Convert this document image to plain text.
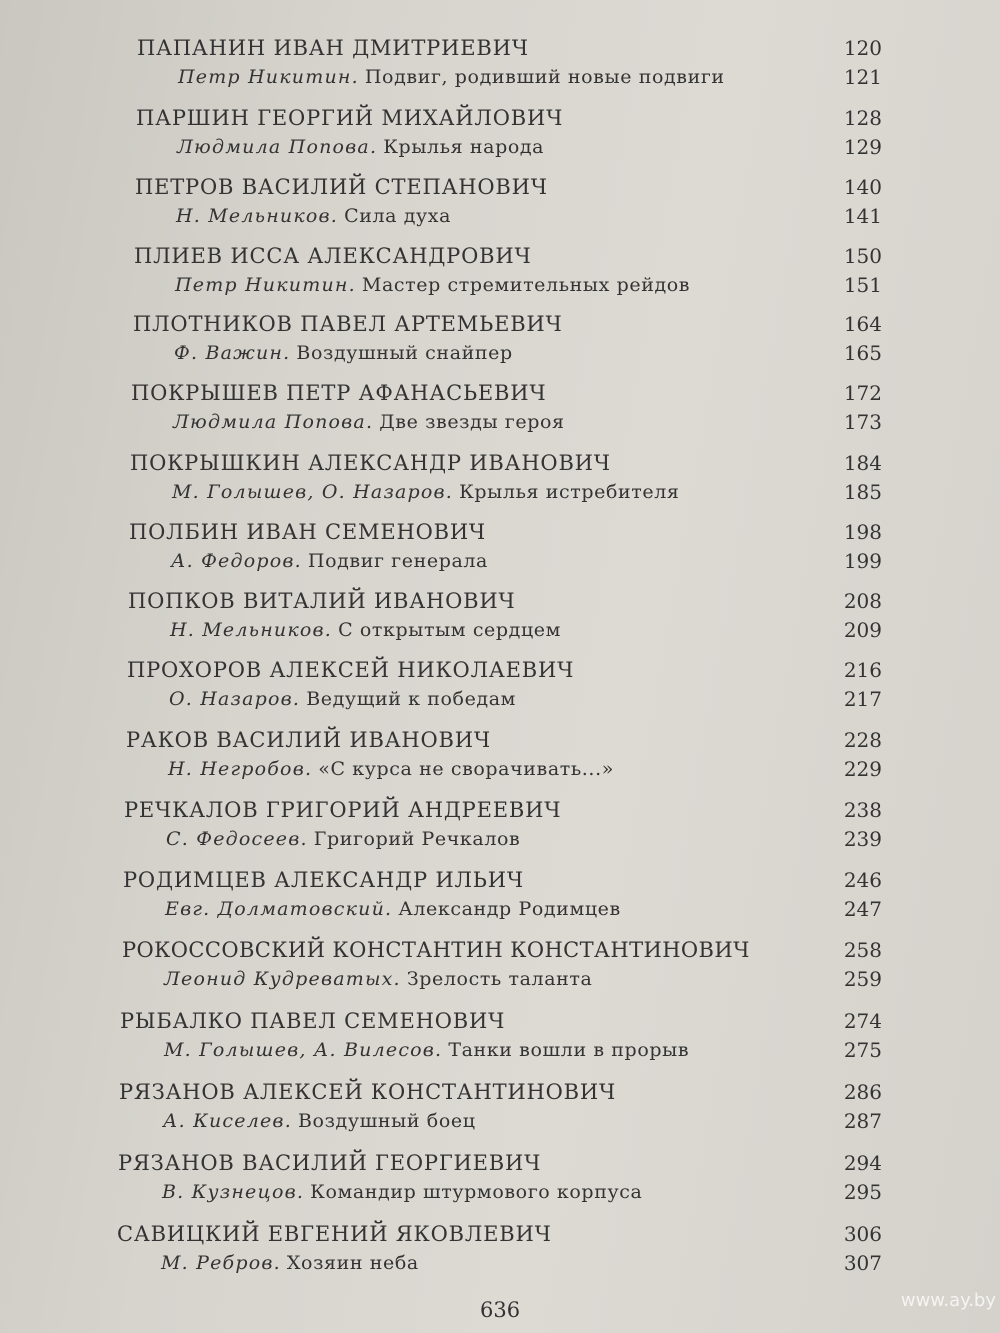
ПАПАНИН ИВАН ДМИТРИЕВИЧ	120
Петр Никитин. Подвиг, родивший новые подвиги	121
ПАРШИН ГЕОРГИЙ МИХАЙЛОВИЧ	128
Людмила Попова. Крылья народа	129
ПЕТРОВ ВАСИЛИЙ СТЕПАНОВИЧ	140
Н. Мельников. Сила духа	141
ПЛИЕВ ИССА АЛЕКСАНДРОВИЧ	150
Петр Никитин. Мастер стремительных рейдов	151
ПЛОТНИКОВ ПАВЕЛ АРТЕМЬЕВИЧ	164
Ф. Важин. Воздушный снайпер	165
ПОКРЫШЕВ ПЕТР АФАНАСЬЕВИЧ	172
Людмила Попова. Две звезды героя	173
ПОКРЫШКИН АЛЕКСАНДР ИВАНОВИЧ	184
М. Голышев, О. Назаров. Крылья истребителя	185
ПОЛБИН ИВАН СЕМЕНОВИЧ	198
А. Федоров. Подвиг генерала	199
ПОПКОВ ВИТАЛИЙ ИВАНОВИЧ	208
Н. Мельников. С открытым сердцем	209
ПРОХОРОВ АЛЕКСЕЙ НИКОЛАЕВИЧ	216
О. Назаров. Ведущий к победам	217
РАКОВ ВАСИЛИЙ ИВАНОВИЧ	228
Н. Негробов. «С курса не сворачивать...»	229
РЕЧКАЛОВ ГРИГОРИЙ АНДРЕЕВИЧ	238
С. Федосеев. Григорий Речкалов	239
РОДИМЦЕВ АЛЕКСАНДР ИЛЬИЧ	246
Евг. Долматовский. Александр Родимцев	247
РОКОССОВСКИЙ КОНСТАНТИН КОНСТАНТИНОВИЧ	258
Леонид Кудреватых. Зрелость таланта	259
РЫБАЛКО ПАВЕЛ СЕМЕНОВИЧ	274
М. Голышев, А. Вилесов. Танки вошли в прорыв	275
РЯЗАНОВ АЛЕКСЕЙ КОНСТАНТИНОВИЧ	286
А. Киселев. Воздушный боец	287
РЯЗАНОВ ВАСИЛИЙ ГЕОРГИЕВИЧ	294
В. Кузнецов. Командир штурмового корпуса	295
САВИЦКИЙ ЕВГЕНИЙ ЯКОВЛЕВИЧ	306
М. Ребров. Хозяин неба	307
636	www.ay.by
